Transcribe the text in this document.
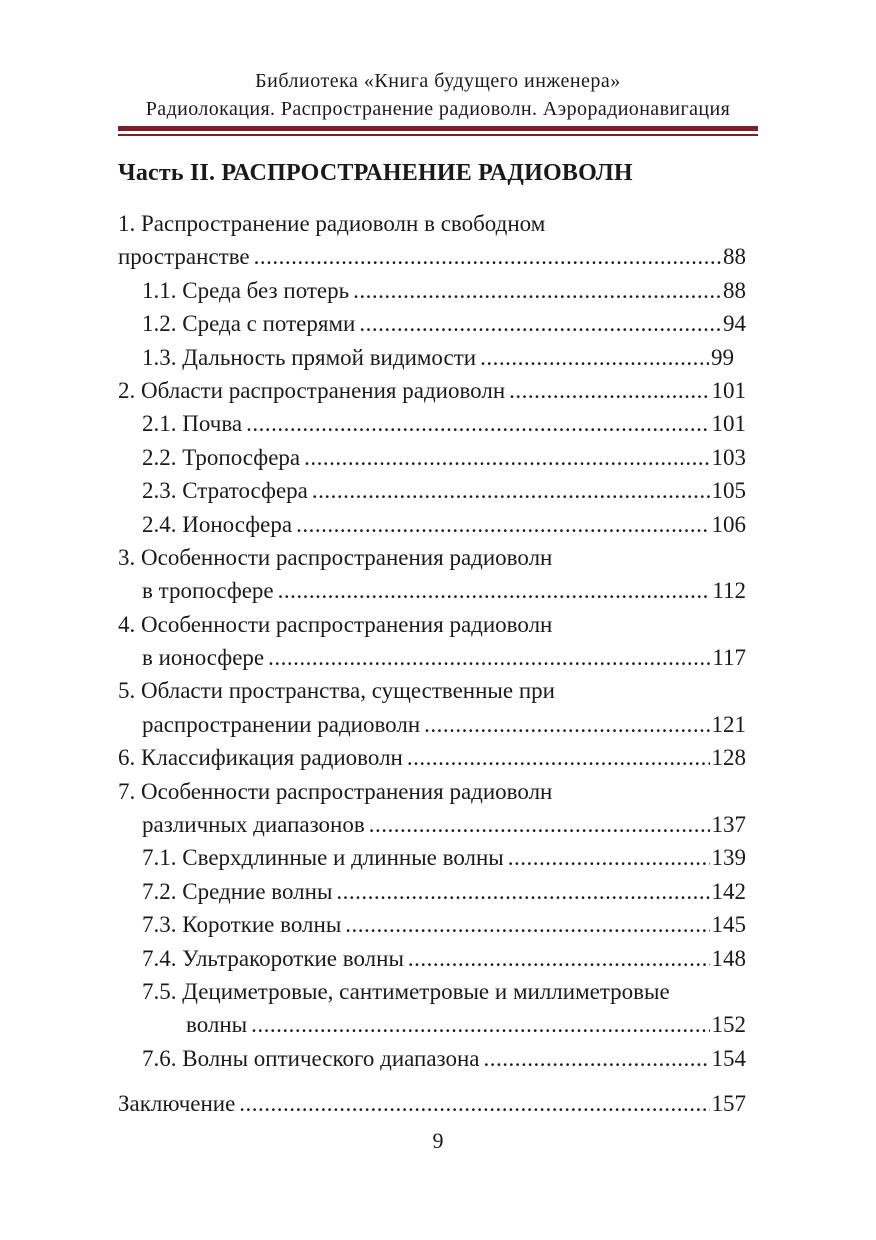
Библиотека «Книга будущего инженера»
Радиолокация. Распространение радиоволн. Аэрорадионавигация
Часть II. РАСПРОСТРАНЕНИЕ РАДИОВОЛН
1. Распространение радиоволн в свободном
пространстве .....	88
1.1. Среда без потерь .....	88
1.2. Среда с потерями .....	94
1.3. Дальность прямой видимости .....	99
2. Области распространения радиоволн .....	101
2.1. Почва .....	101
2.2. Тропосфера .....	103
2.3. Стратосфера .....	105
2.4. Ионосфера .....	106
3. Особенности распространения радиоволн
в тропосфере .....	112
4. Особенности распространения радиоволн
в ионосфере .....	117
5. Области пространства, существенные при
распространении радиоволн .....	121
6. Классификация радиоволн .....	128
7. Особенности распространения радиоволн
различных диапазонов .....	137
7.1. Сверхдлинные и длинные волны .....	139
7.2. Средние волны .....	142
7.3. Короткие волны .....	145
7.4. Ультракороткие волны .....	148
7.5. Дециметровые, сантиметровые и миллиметровые
волны .....	152
7.6. Волны оптического диапазона .....	154
Заключение .....	157
9
